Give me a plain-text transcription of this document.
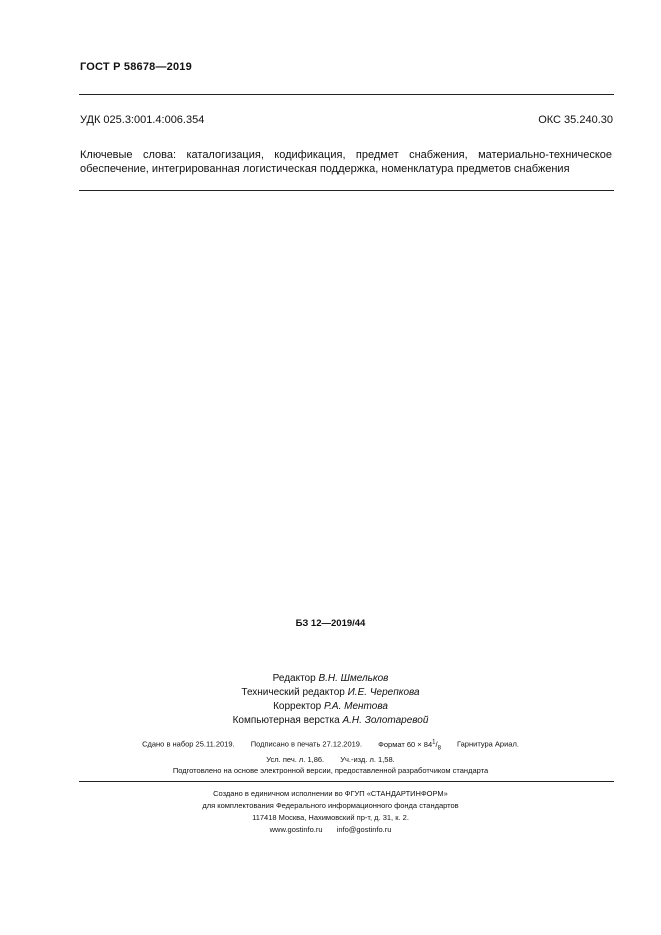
ГОСТ Р 58678—2019
УДК 025.3:001.4:006.354	ОКС 35.240.30
Ключевые слова: каталогизация, кодификация, предмет снабжения, материально-техническое обеспечение, интегрированная логистическая поддержка, номенклатура предметов снабжения
БЗ 12—2019/44
Редактор В.Н. Шмельков
Технический редактор И.Е. Черепкова
Корректор Р.А. Ментова
Компьютерная верстка А.Н. Золотаревой
Сдано в набор 25.11.2019. Подписано в печать 27.12.2019. Формат $60 \times 84^1/_8$ Гарнитура Ариал.
Усл. печ. л. 1,86. Уч.-изд. л. 1,58.
Подготовлено на основе электронной версии, предоставленной разработчиком стандарта
Создано в единичном исполнении во ФГУП «СТАНДАРТИНФОРМ»
для комплектования Федерального информационного фонда стандартов
117418 Москва, Нахимовский пр-т, д. 31, к. 2.
www.gostinfo.ru info@gostinfo.ru
